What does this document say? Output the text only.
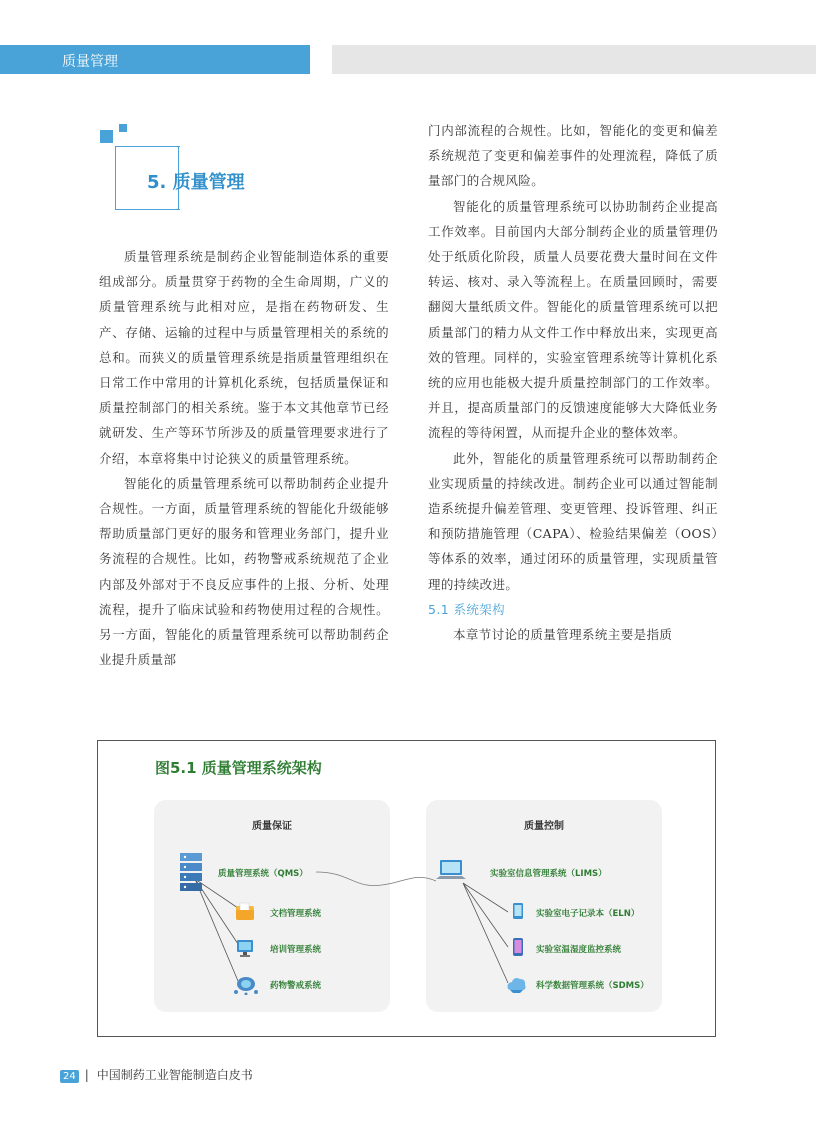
质量管理
5. 质量管理

质量管理系统是制药企业智能制造体系的重要组成部分。质量贯穿于药物的全生命周期，广义的质量管理系统与此相对应，是指在药物研发、生产、存储、运输的过程中与质量管理相关的系统的总和。而狭义的质量管理系统是指质量管理组织在日常工作中常用的计算机化系统，包括质量保证和质量控制部门的相关系统。鉴于本文其他章节已经就研发、生产等环节所涉及的质量管理要求进行了介绍，本章将集中讨论狭义的质量管理系统。

智能化的质量管理系统可以帮助制药企业提升合规性。一方面，质量管理系统的智能化升级能够帮助质量部门更好的服务和管理业务部门，提升业务流程的合规性。比如，药物警戒系统规范了企业内部及外部对于不良反应事件的上报、分析、处理流程，提升了临床试验和药物使用过程的合规性。另一方面，智能化的质量管理系统可以帮助制药企业提升质量部

门内部流程的合规性。比如，智能化的变更和偏差系统规范了变更和偏差事件的处理流程，降低了质量部门的合规风险。

智能化的质量管理系统可以协助制药企业提高工作效率。目前国内大部分制药企业的质量管理仍处于纸质化阶段，质量人员要花费大量时间在文件转运、核对、录入等流程上。在质量回顾时，需要翻阅大量纸质文件。智能化的质量管理系统可以把质量部门的精力从文件工作中释放出来，实现更高效的管理。同样的，实验室管理系统等计算机化系统的应用也能极大提升质量控制部门的工作效率。并且，提高质量部门的反馈速度能够大大降低业务流程的等待闲置，从而提升企业的整体效率。

此外，智能化的质量管理系统可以帮助制药企业实现质量的持续改进。制药企业可以通过智能制造系统提升偏差管理、变更管理、投诉管理、纠正和预防措施管理（CAPA）、检验结果偏差（OOS）等体系的效率，通过闭环的质量管理，实现质量管理的持续改进。

5.1 系统架构

本章节讨论的质量管理系统主要是指质

图5.1 质量管理系统架构
质量保证	质量控制
质量管理系统（QMS）
文档管理系统
培训管理系统
药物警戒系统
实验室信息管理系统（LIMS）
实验室电子记录本（ELN）
实验室温湿度监控系统
科学数据管理系统（SDMS）
24 | 中国制药工业智能制造白皮书
